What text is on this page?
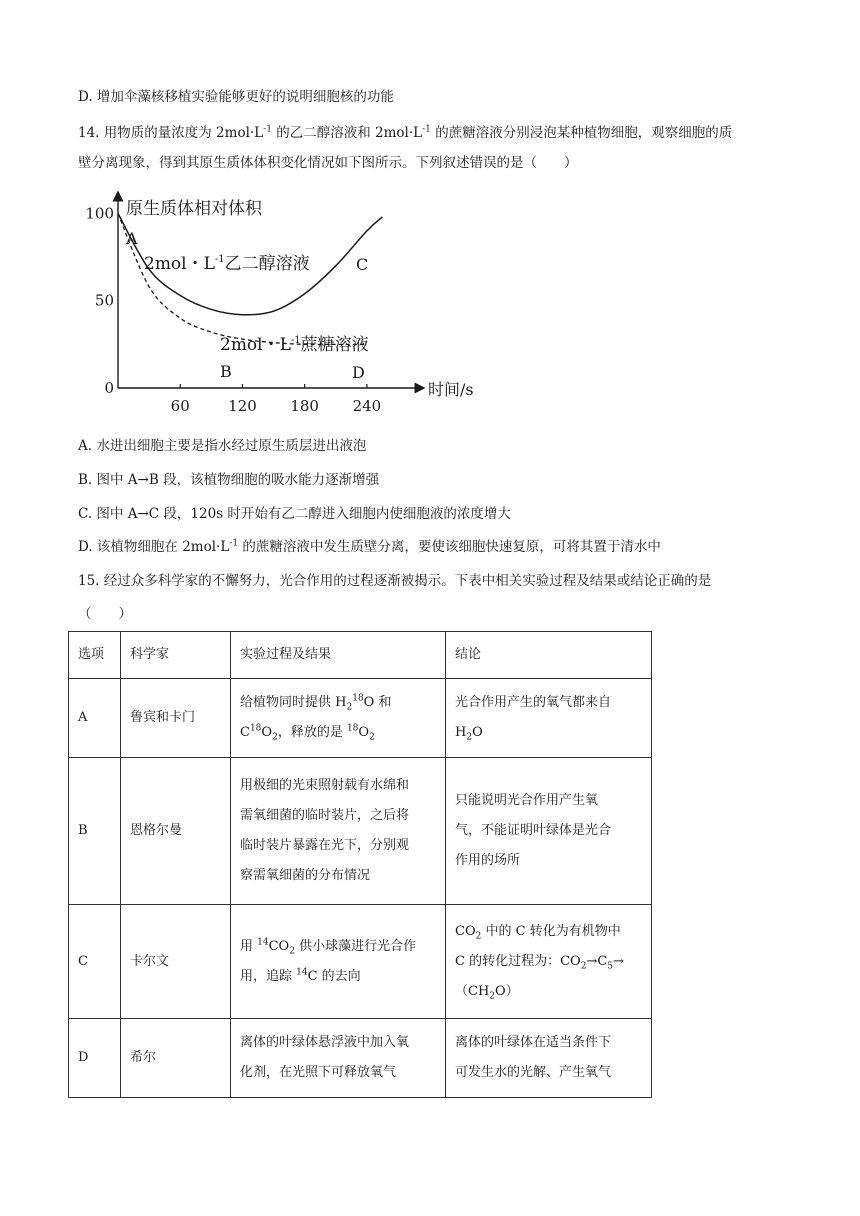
D. 增加伞藻核移植实验能够更好的说明细胞核的功能
14. 用物质的量浓度为 $2mol\cdot L^{-1}$ 的乙二醇溶液和 $2mol\cdot L^{-1}$ 的蔗糖溶液分别浸泡某种植物细胞，观察细胞的质
壁分离现象，得到其原生质体体积变化情况如下图所示。下列叙述错误的是（　　）
原生质体相对体积
时间/s
0
50
100
60	120 180 240
2mol・$L^{-1}$乙二醇溶液
2mol・$L^{-1}$蔗糖溶液
A
B
C
D
A. 水进出细胞主要是指水经过原生质层进出液泡
B. 图中 A→B 段，该植物细胞的吸水能力逐渐增强
C. 图中 A→C 段，120s 时开始有乙二醇进入细胞内使细胞液的浓度增大
D. 该植物细胞在 $2mol\cdot L^{-1}$ 的蔗糖溶液中发生质壁分离，要使该细胞快速复原，可将其置于清水中
15. 经过众多科学家的不懈努力，光合作用的过程逐渐被揭示。下表中相关实验过程及结果或结论正确的是
（　　）
选项	科学家	实验过程及结果	结论
A	鲁宾和卡门	给植物同时提供 $H_2^{18}O$ 和
$C^{18}O_2$，释放的是 $^{18}O_2$	光合作用产生的氧气都来自
$H_2O$
B	恩格尔曼	用极细的光束照射载有水绵和
需氧细菌的临时装片，之后将
临时装片暴露在光下，分别观
察需氧细菌的分布情况	只能说明光合作用产生氧
气，不能证明叶绿体是光合
作用的场所
C	卡尔文	用 $^{14}CO_2$ 供小球藻进行光合作
用，追踪 $^{14}$C 的去向	$CO_2$ 中的 C 转化为有机物中
C 的转化过程为：$CO_2\to C_5\to$
$(CH_2O)$
D	希尔	离体的叶绿体悬浮液中加入氧
化剂，在光照下可释放氧气	离体的叶绿体在适当条件下
可发生水的光解、产生氧气
